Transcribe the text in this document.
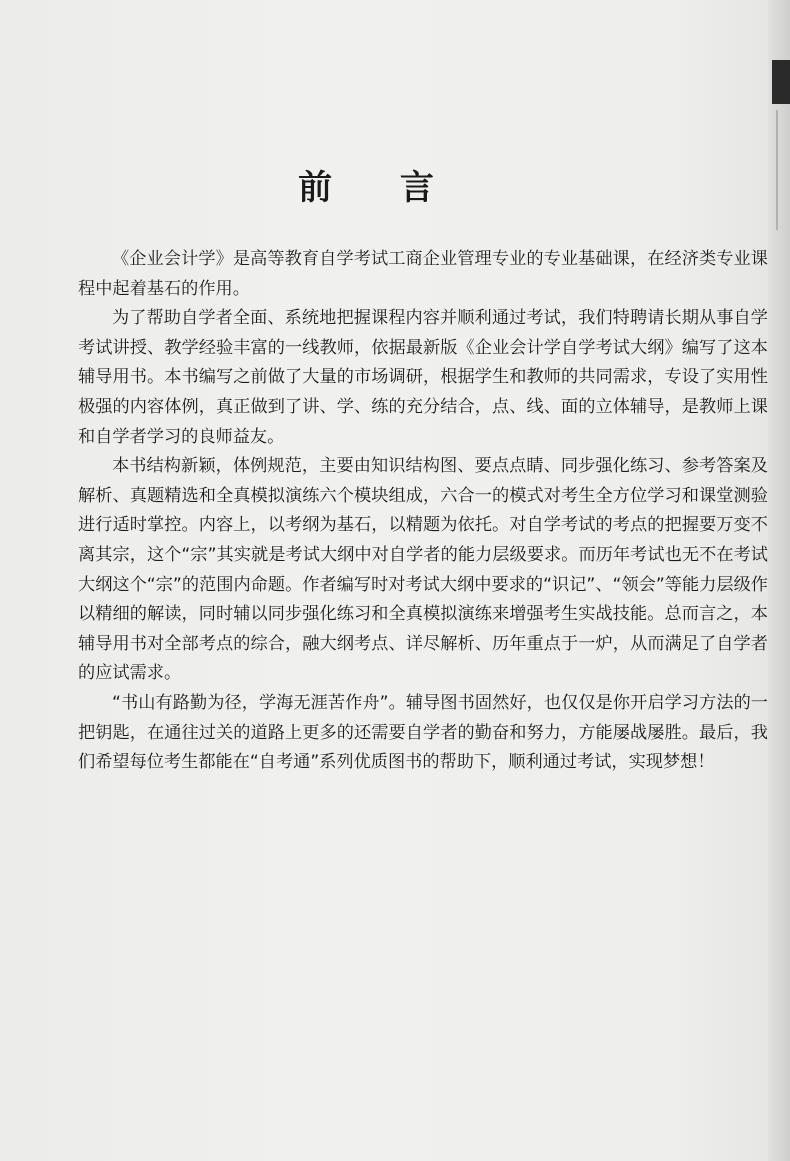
前 言

《企业会计学》是高等教育自学考试工商企业管理专业的专业基础课，在经济类专业课程中起着基石的作用。

为了帮助自学者全面、系统地把握课程内容并顺利通过考试，我们特聘请长期从事自学考试讲授、教学经验丰富的一线教师，依据最新版《企业会计学自学考试大纲》编写了这本辅导用书。本书编写之前做了大量的市场调研，根据学生和教师的共同需求，专设了实用性极强的内容体例，真正做到了讲、学、练的充分结合，点、线、面的立体辅导，是教师上课和自学者学习的良师益友。

本书结构新颖，体例规范，主要由知识结构图、要点点睛、同步强化练习、参考答案及解析、真题精选和全真模拟演练六个模块组成，六合一的模式对考生全方位学习和课堂测验进行适时掌控。内容上，以考纲为基石，以精题为依托。对自学考试的考点的把握要万变不离其宗，这个“宗”其实就是考试大纲中对自学者的能力层级要求。而历年考试也无不在考试大纲这个“宗”的范围内命题。作者编写时对考试大纲中要求的“识记”、“领会”等能力层级作以精细的解读，同时辅以同步强化练习和全真模拟演练来增强考生实战技能。总而言之，本辅导用书对全部考点的综合，融大纲考点、详尽解析、历年重点于一炉，从而满足了自学者的应试需求。

“书山有路勤为径，学海无涯苦作舟”。辅导图书固然好，也仅仅是你开启学习方法的一把钥匙，在通往过关的道路上更多的还需要自学者的勤奋和努力，方能屡战屡胜。最后，我们希望每位考生都能在“自考通”系列优质图书的帮助下，顺利通过考试，实现梦想！
